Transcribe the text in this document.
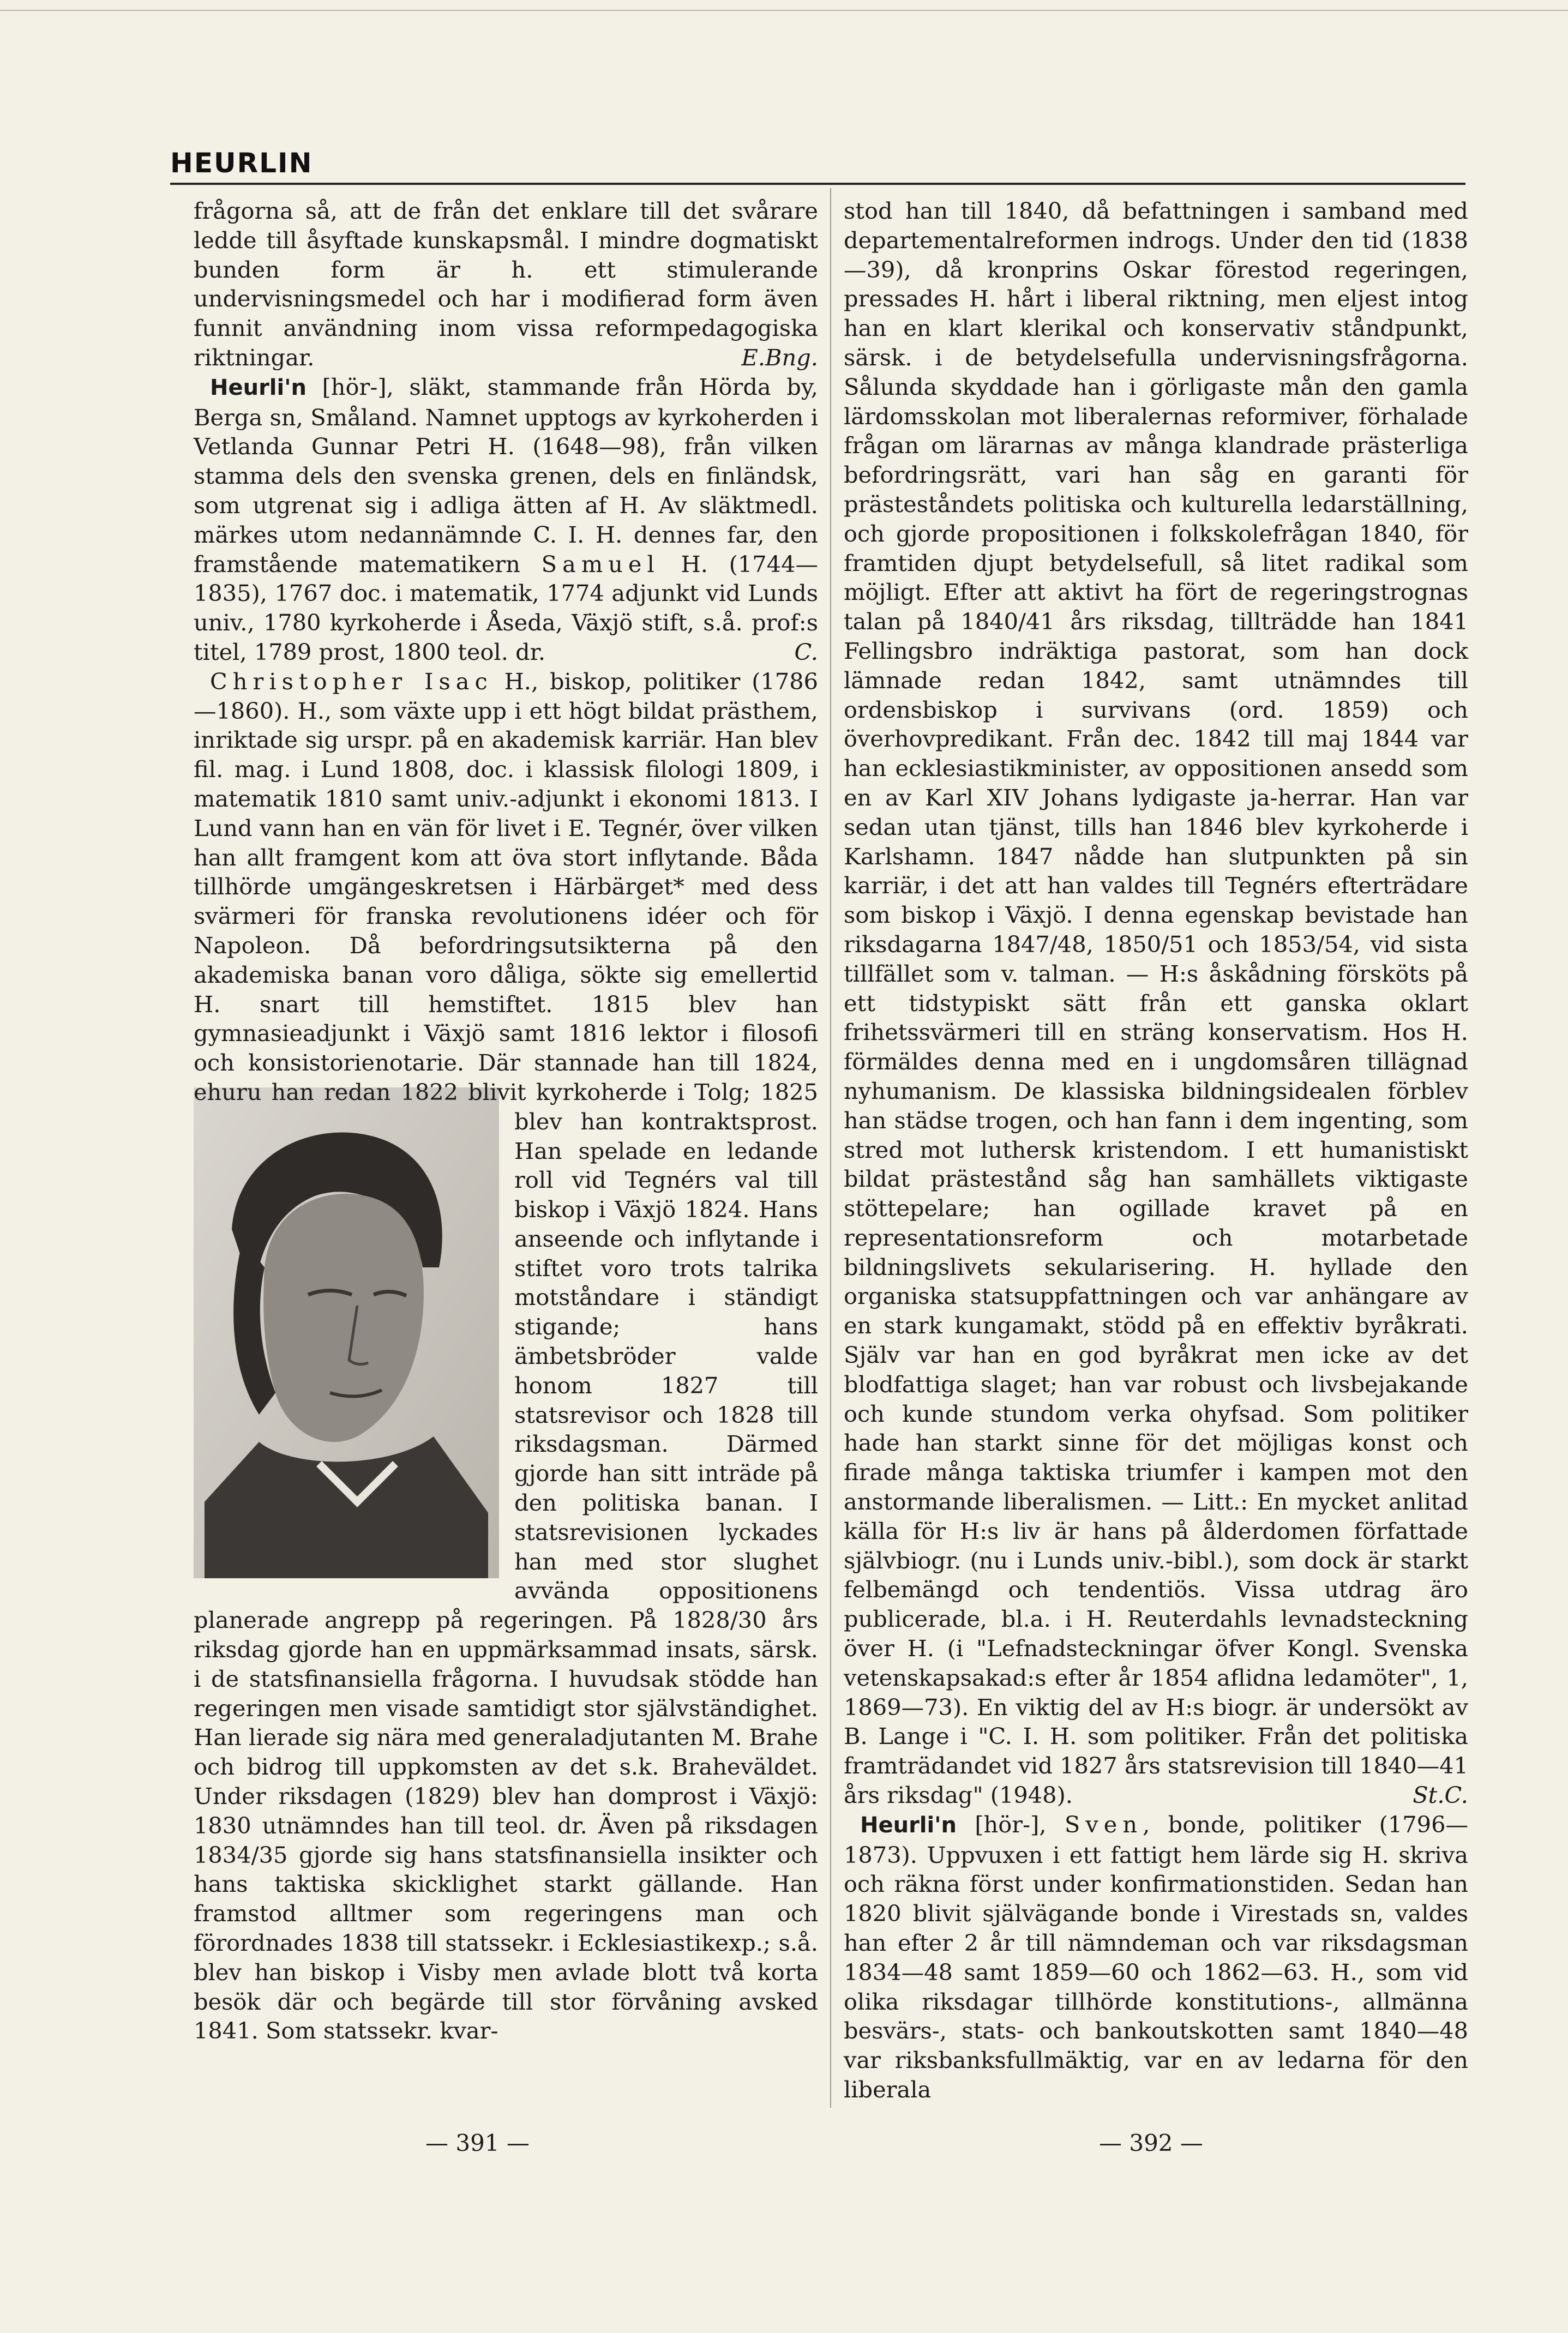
HEURLIN

frågorna så, att de från det enklare till det svårare ledde till åsyftade kunskapsmål. I mindre dogmatiskt bunden form är h. ett stimulerande undervisningsmedel och har i modifierad form även funnit användning inom vissa reformpedagogiska riktningar.	E.Bng.

Heurli'n [hör-], släkt, stammande från Hörda by, Berga sn, Småland. Namnet upptogs av kyrkoherden i Vetlanda Gunnar Petri H. (1648—98), från vilken stamma dels den svenska grenen, dels en finländsk, som utgrenat sig i adliga ätten af H. Av släktmedl. märkes utom nedannämnde C. I. H. dennes far, den framstående matematikern Samuel H. (1744—1835), 1767 doc. i matematik, 1774 adjunkt vid Lunds univ., 1780 kyrkoherde i Åseda, Växjö stift, s.å. prof:s titel, 1789 prost, 1800 teol. dr.	C.

Christopher Isac H., biskop, politiker (1786—1860). H., som växte upp i ett högt bildat prästhem, inriktade sig urspr. på en akademisk karriär. Han blev fil. mag. i Lund 1808, doc. i klassisk filologi 1809, i matematik 1810 samt univ.-adjunkt i ekonomi 1813. I Lund vann han en vän för livet i E. Tegnér, över vilken han allt framgent kom att öva stort inflytande. Båda tillhörde umgängeskretsen i Härbärget* med dess svärmeri för franska revolutionens idéer och för Napoleon. Då befordringsutsikterna på den akademiska banan voro dåliga, sökte sig emellertid H. snart till hemstiftet. 1815 blev han gymnasieadjunkt i Växjö samt 1816 lektor i filosofi och konsistorienotarie. Där stannade han till 1824, ehuru han redan 1822
blivit kyrkoherde i Tolg; 1825 blev han kontraktsprost. Han spelade en ledande roll vid Tegnérs val till biskop i Växjö 1824. Hans anseende och inflytande i stiftet voro trots talrika motståndare i ständigt stigande; hans ämbetsbröder valde honom 1827 till statsrevisor och 1828 till riksdagsman. Därmed gjorde han sitt inträde på den politiska banan. I statsrevisionen lyckades han med stor slughet avvända oppositionens planerade angrepp på regeringen. På 1828/30 års riksdag gjorde han en uppmärksammad insats, särsk. i de statsfinansiella frågorna. I huvudsak stödde han regeringen men visade samtidigt stor självständighet. Han lierade sig nära med generaladjutanten M. Brahe och bidrog till uppkomsten av det s.k. Braheväldet. Under riksdagen (1829) blev han domprost i Växjö: 1830 utnämndes han till teol. dr. Även på riksdagen 1834/35 gjorde sig hans statsfinansiella insikter och hans taktiska skicklighet starkt gällande. Han framstod alltmer som regeringens man och förordnades 1838 till statssekr. i Ecklesiastikexp.; s.å. blev han biskop i Visby men avlade blott två korta besök där och begärde till stor förvåning avsked 1841. Som statssekr. kvar-

stod han till 1840, då befattningen i samband med departementalreformen indrogs. Under den tid (1838—39), då kronprins Oskar förestod regeringen, pressades H. hårt i liberal riktning, men eljest intog han en klart klerikal och konservativ ståndpunkt, särsk. i de betydelsefulla undervisningsfrågorna. Sålunda skyddade han i görligaste mån den gamla lärdomsskolan mot liberalernas reformiver, förhalade frågan om lärarnas av många klandrade prästerliga befordringsrätt, vari han såg en garanti för prästeståndets politiska och kulturella ledarställning, och gjorde propositionen i folkskolefrågan 1840, för framtiden djupt betydelsefull, så litet radikal som möjligt. Efter att aktivt ha fört de regeringstrognas talan på 1840/41 års riksdag, tillträdde han 1841 Fellingsbro indräktiga pastorat, som han dock lämnade redan 1842, samt utnämndes till ordensbiskop i survivans (ord. 1859) och överhovpredikant. Från dec. 1842 till maj 1844 var han ecklesiastikminister, av oppositionen ansedd som en av Karl XIV Johans lydigaste ja-herrar. Han var sedan utan tjänst, tills han 1846 blev kyrkoherde i Karlshamn. 1847 nådde han slutpunkten på sin karriär, i det att han valdes till Tegnérs efterträdare som biskop i Växjö. I denna egenskap bevistade han riksdagarna 1847/48, 1850/51 och 1853/54, vid sista tillfället som v. talman. — H:s åskådning försköts på ett tidstypiskt sätt från ett ganska oklart frihetssvärmeri till en sträng konservatism. Hos H. förmäldes denna med en i ungdomsåren tillägnad nyhumanism. De klassiska bildningsidealen förblev han städse trogen, och han fann i dem ingenting, som stred mot luthersk kristendom. I ett humanistiskt bildat prästestånd såg han samhällets viktigaste stöttepelare; han ogillade kravet på en representationsreform och motarbetade bildningslivets sekularisering. H. hyllade den organiska statsuppfattningen och var anhängare av en stark kungamakt, stödd på en effektiv byråkrati. Själv var han en god byråkrat men icke av det blodfattiga slaget; han var robust och livsbejakande och kunde stundom verka ohyfsad. Som politiker hade han starkt sinne för det möjligas konst och firade många taktiska triumfer i kampen mot den anstormande liberalismen. — Litt.: En mycket anlitad källa för H:s liv är hans på ålderdomen författade självbiogr. (nu i Lunds univ.-bibl.), som dock är starkt felbemängd och tendentiös. Vissa utdrag äro publicerade, bl.a. i H. Reuterdahls levnadsteckning över H. (i "Lefnadsteckningar öfver Kongl. Svenska vetenskapsakad:s efter år 1854 aflidna ledamöter", 1, 1869—73). En viktig del av H:s biogr. är undersökt av B. Lange i "C. I. H. som politiker. Från det politiska framträdandet vid 1827 års statsrevision till 1840—41 års riksdag" (1948).	St.C.

Heurli'n [hör-], Sven, bonde, politiker (1796—1873). Uppvuxen i ett fattigt hem lärde sig H. skriva och räkna först under konfirmationstiden. Sedan han 1820 blivit självägande bonde i Virestads sn, valdes han efter 2 år till nämndeman och var riksdagsman 1834—48 samt 1859—60 och 1862—63. H., som vid olika riksdagar tillhörde konstitutions-, allmänna besvärs-, stats- och bankoutskotten samt 1840—48 var riksbanksfullmäktig, var en av ledarna för den liberala

— 391 —	— 392 —
